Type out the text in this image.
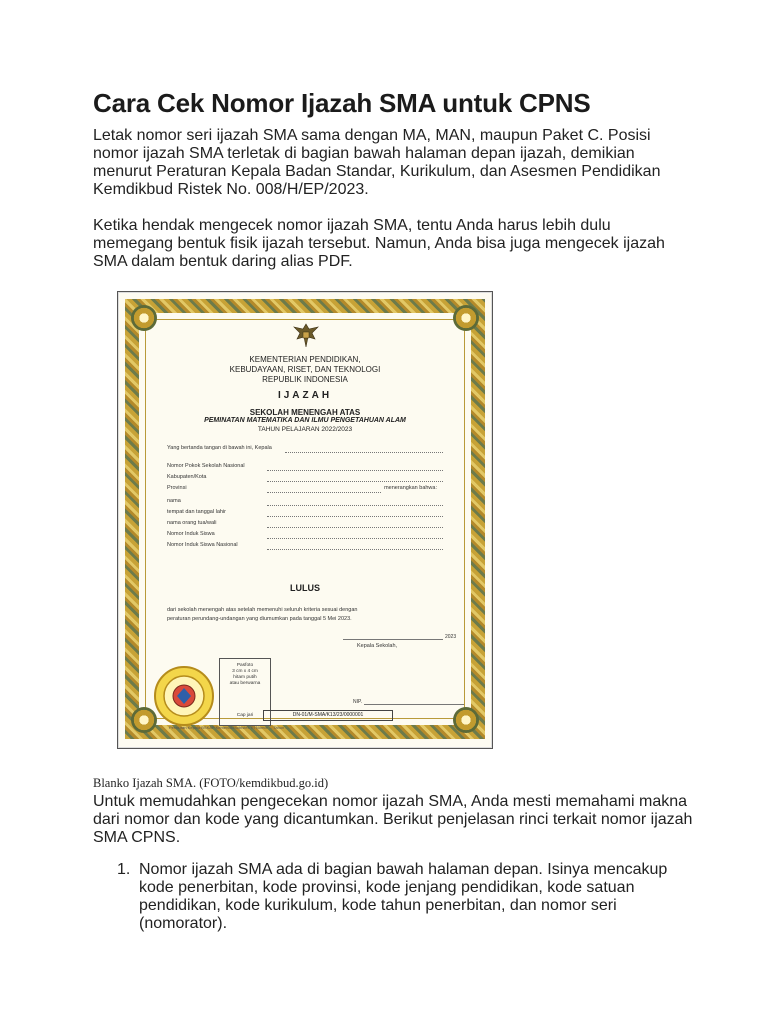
Cara Cek Nomor Ijazah SMA untuk CPNS

Letak nomor seri ijazah SMA sama dengan MA, MAN, maupun Paket C. Posisi nomor ijazah SMA terletak di bagian bawah halaman depan ijazah, demikian menurut Peraturan Kepala Badan Standar, Kurikulum, dan Asesmen Pendidikan Kemdikbud Ristek No. 008/H/EP/2023.

Ketika hendak mengecek nomor ijazah SMA, tentu Anda harus lebih dulu memegang bentuk fisik ijazah tersebut. Namun, Anda bisa juga mengecek ijazah SMA dalam bentuk daring alias PDF.

KEMENTERIAN PENDIDIKAN,
KEBUDAYAAN, RISET, DAN TEKNOLOGI
REPUBLIK INDONESIA
IJAZAH
SEKOLAH MENENGAH ATAS
PEMINATAN MATEMATIKA DAN ILMU PENGETAHUAN ALAM
TAHUN PELAJARAN 2022/2023
Yang bertanda tangan di bawah ini, Kepala
Nomor Pokok Sekolah Nasional
Kabupaten/Kota
Provinsi	menerangkan bahwa:
nama
tempat dan tanggal lahir
nama orang tua/wali
Nomor Induk Siswa
Nomor Induk Siswa Nasional
LULUS
dari sekolah menengah atas setelah memenuhi seluruh kriteria sesuai dengan
peraturan perundang-undangan yang diumumkan pada tanggal 5 Mei 2023.
2023
Kepala Sekolah,
Pasfoto
3 cm x 4 cm
hitam putih
atau berwarna
Cap jari
NIP.
DN-01/M-SMA/K13/23/0000001
Peraturan Kepala BSKAP Kemendikbudristek RI Nomor ... Tahun ...
Blanko Ijazah SMA. (FOTO/kemdikbud.go.id)

Untuk memudahkan pengecekan nomor ijazah SMA, Anda mesti memahami makna dari nomor dan kode yang dicantumkan. Berikut penjelasan rinci terkait nomor ijazah SMA CPNS.

1. Nomor ijazah SMA ada di bagian bawah halaman depan. Isinya mencakup kode penerbitan, kode provinsi, kode jenjang pendidikan, kode satuan pendidikan, kode kurikulum, kode tahun penerbitan, dan nomor seri (nomorator).
